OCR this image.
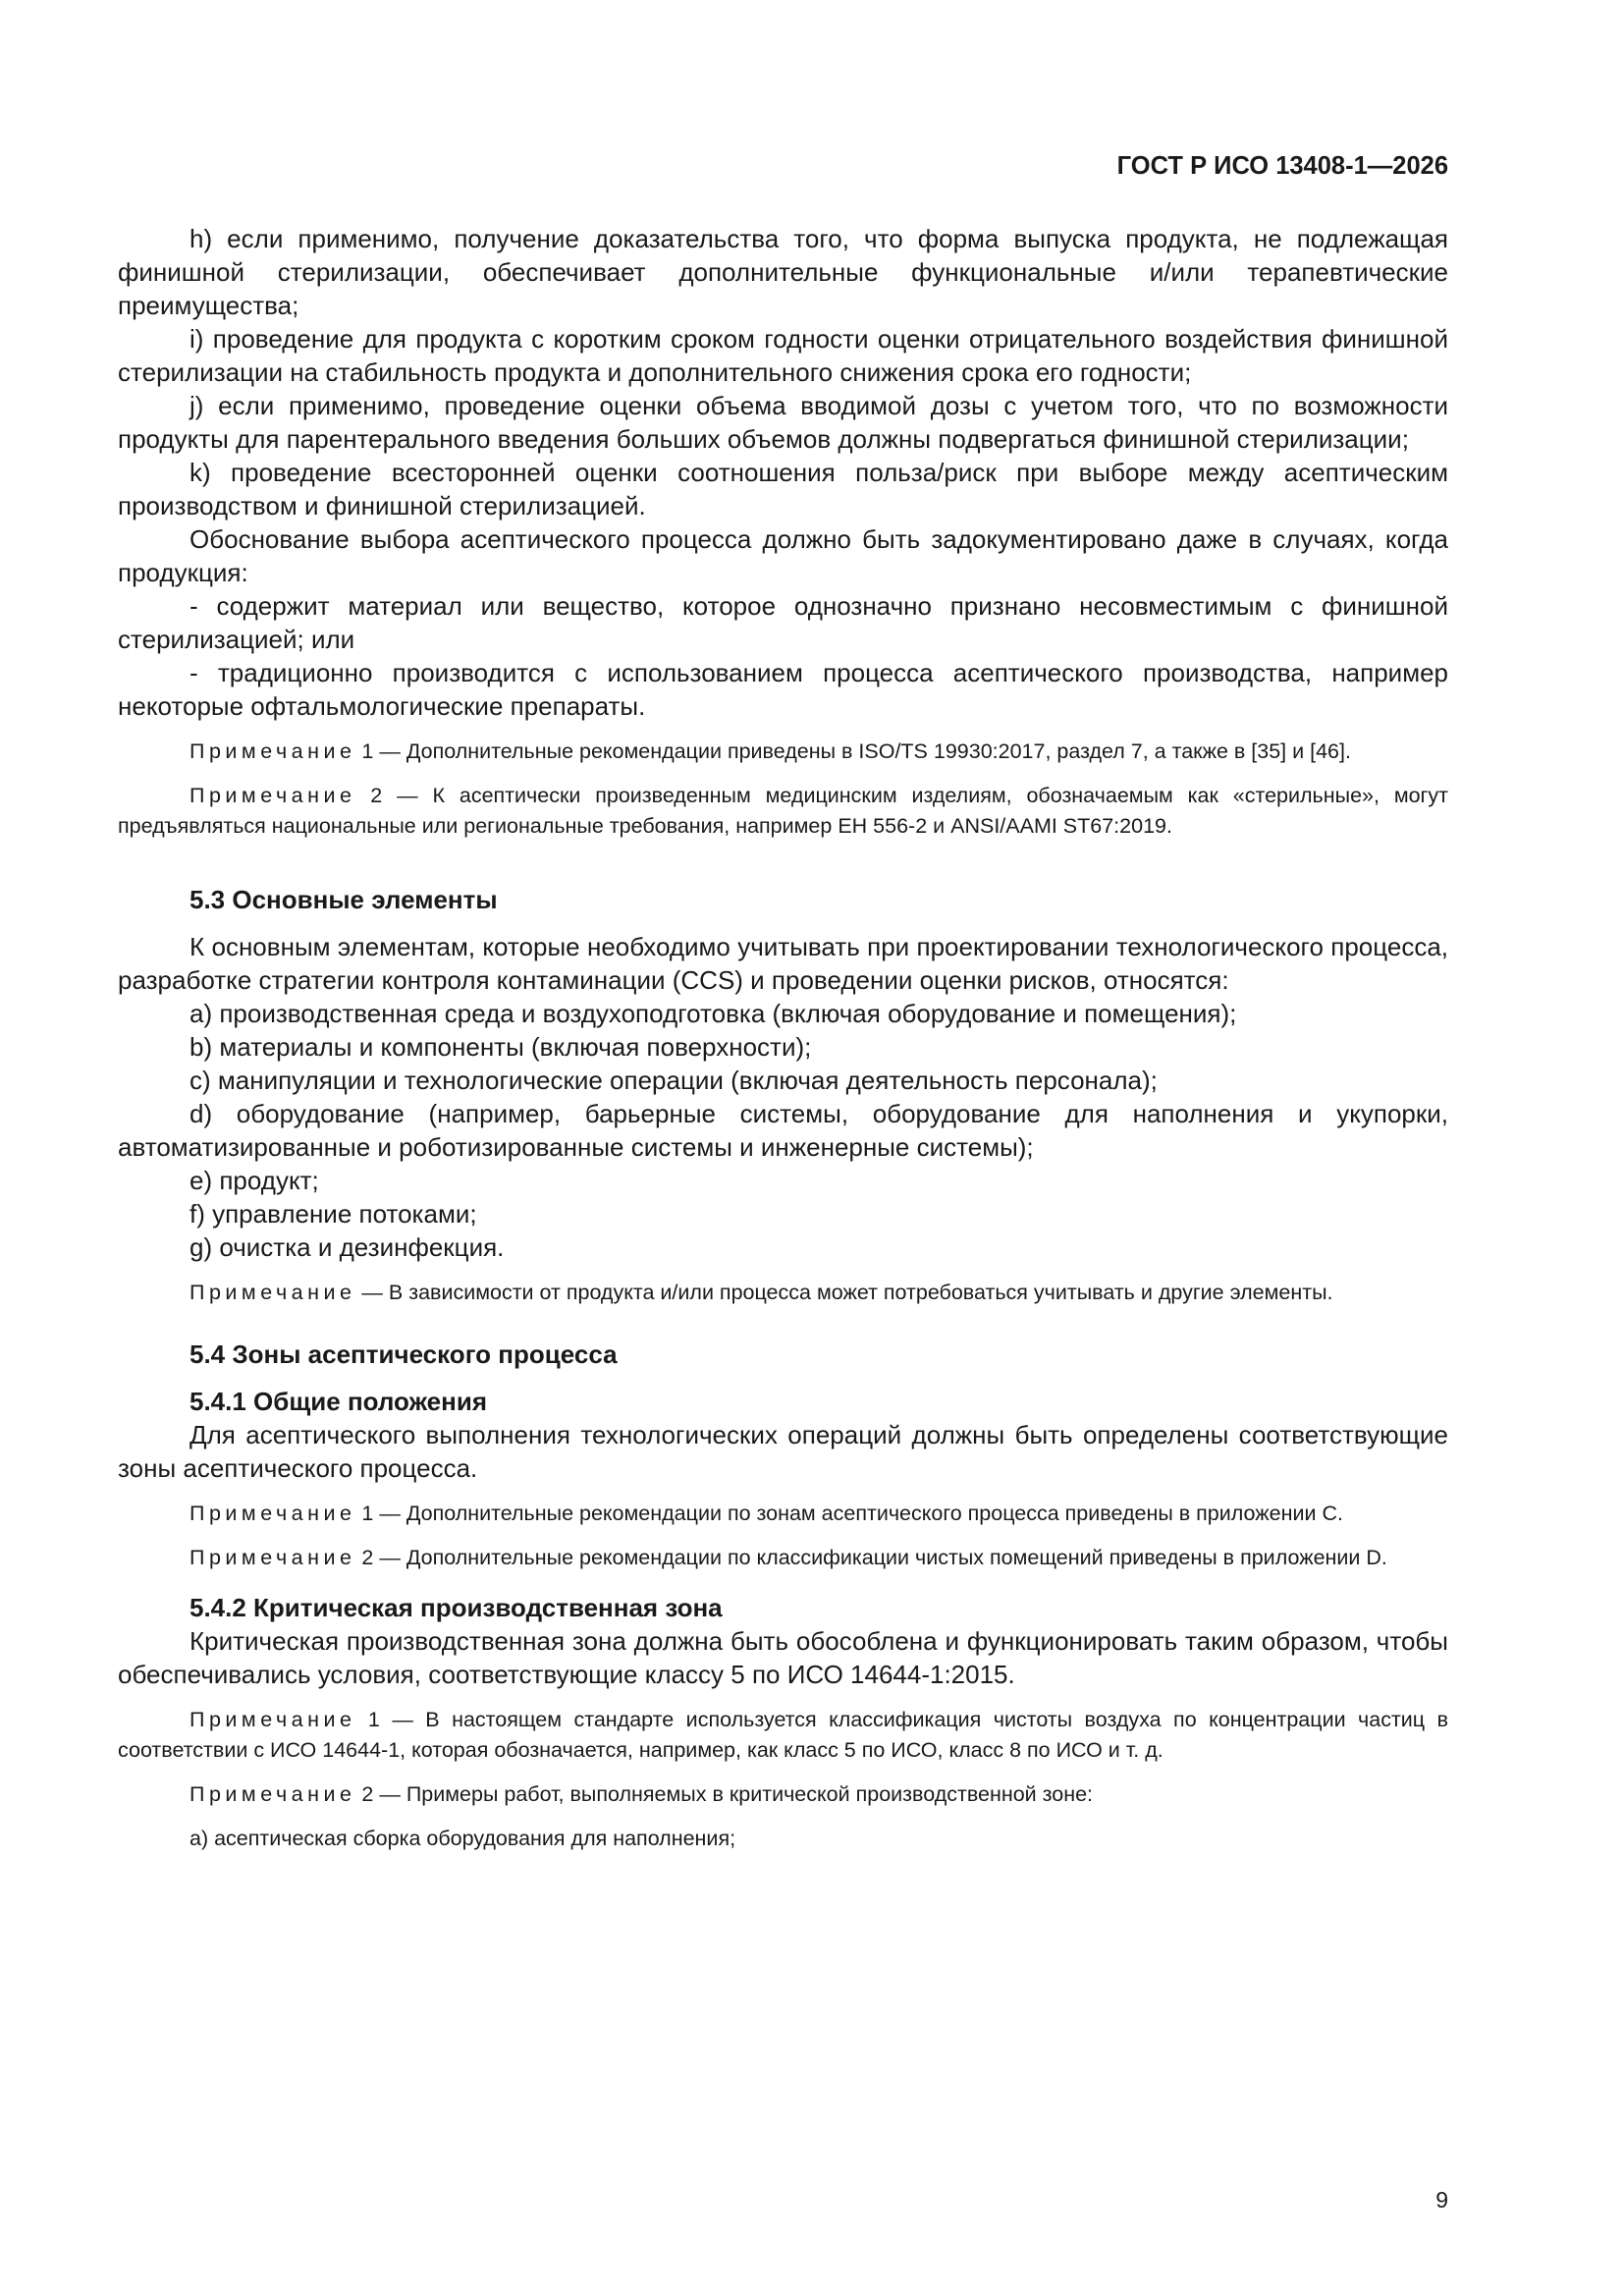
ГОСТ Р ИСО 13408-1—2026

h) если применимо, получение доказательства того, что форма выпуска продукта, не подлежащая финишной стерилизации, обеспечивает дополнительные функциональные и/или терапевтические преимущества;

i) проведение для продукта с коротким сроком годности оценки отрицательного воздействия финишной стерилизации на стабильность продукта и дополнительного снижения срока его годности;

j) если применимо, проведение оценки объема вводимой дозы с учетом того, что по возможности продукты для парентерального введения больших объемов должны подвергаться финишной стерилизации;

k) проведение всесторонней оценки соотношения польза/риск при выборе между асептическим производством и финишной стерилизацией.

Обоснование выбора асептического процесса должно быть задокументировано даже в случаях, когда продукция:

- содержит материал или вещество, которое однозначно признано несовместимым с финишной стерилизацией; или

- традиционно производится с использованием процесса асептического производства, например некоторые офтальмологические препараты.

Примечание 1 — Дополнительные рекомендации приведены в ISO/TS 19930:2017, раздел 7, а также в [35] и [46].

Примечание 2 — К асептически произведенным медицинским изделиям, обозначаемым как «стерильные», могут предъявляться национальные или региональные требования, например ЕН 556-2 и ANSI/AAMI ST67:2019.

5.3 Основные элементы

К основным элементам, которые необходимо учитывать при проектировании технологического процесса, разработке стратегии контроля контаминации (CCS) и проведении оценки рисков, относятся:

a) производственная среда и воздухоподготовка (включая оборудование и помещения);

b) материалы и компоненты (включая поверхности);

c) манипуляции и технологические операции (включая деятельность персонала);

d) оборудование (например, барьерные системы, оборудование для наполнения и укупорки, автоматизированные и роботизированные системы и инженерные системы);

e) продукт;

f) управление потоками;

g) очистка и дезинфекция.

Примечание — В зависимости от продукта и/или процесса может потребоваться учитывать и другие элементы.

5.4 Зоны асептического процесса
5.4.1 Общие положения

Для асептического выполнения технологических операций должны быть определены соответствующие зоны асептического процесса.

Примечание 1 — Дополнительные рекомендации по зонам асептического процесса приведены в приложении С.

Примечание 2 — Дополнительные рекомендации по классификации чистых помещений приведены в приложении D.

5.4.2 Критическая производственная зона

Критическая производственная зона должна быть обособлена и функционировать таким образом, чтобы обеспечивались условия, соответствующие классу 5 по ИСО 14644-1:2015.

Примечание 1 — В настоящем стандарте используется классификация чистоты воздуха по концентрации частиц в соответствии с ИСО 14644-1, которая обозначается, например, как класс 5 по ИСО, класс 8 по ИСО и т. д.

Примечание 2 — Примеры работ, выполняемых в критической производственной зоне:

а) асептическая сборка оборудования для наполнения;

9
